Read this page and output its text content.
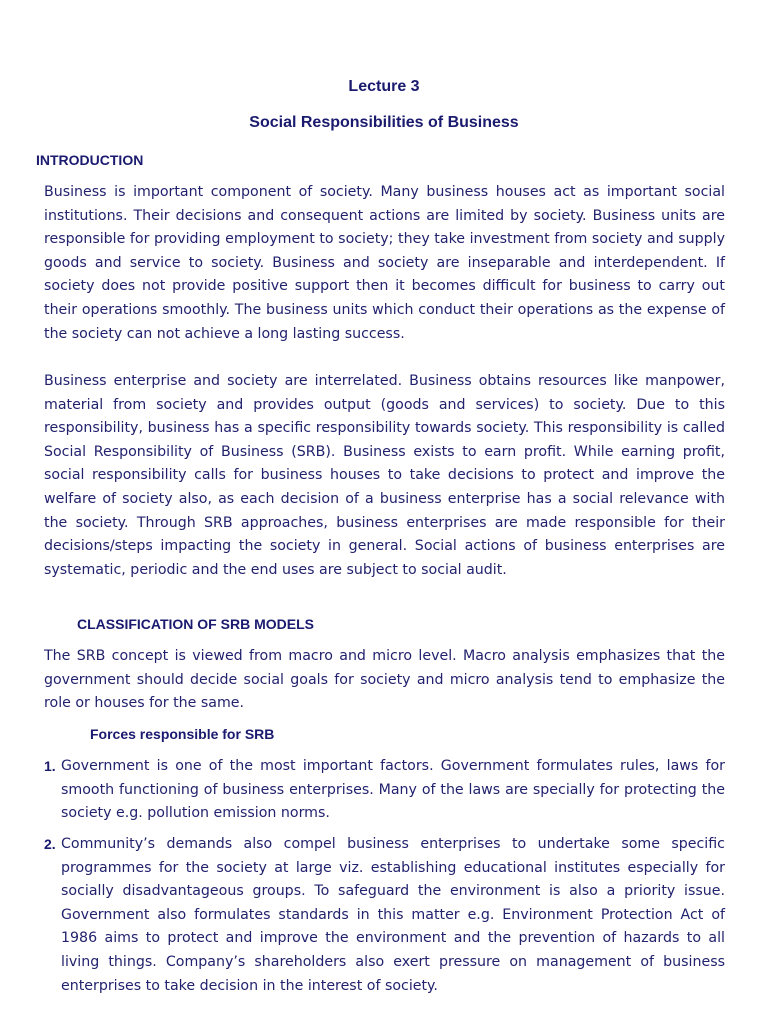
Lecture 3
Social Responsibilities of Business
INTRODUCTION

Business is important component of society. Many business houses act as important social institutions. Their decisions and consequent actions are limited by society. Business units are responsible for providing employment to society; they take investment from society and supply goods and service to society. Business and society are inseparable and interdependent. If society does not provide positive support then it becomes difficult for business to carry out their operations smoothly. The business units which conduct their operations as the expense of the society can not achieve a long lasting success.

Business enterprise and society are interrelated. Business obtains resources like manpower, material from society and provides output (goods and services) to society. Due to this responsibility, business has a specific responsibility towards society. This responsibility is called Social Responsibility of Business (SRB). Business exists to earn profit. While earning profit, social responsibility calls for business houses to take decisions to protect and improve the welfare of society also, as each decision of a business enterprise has a social relevance with the society. Through SRB approaches, business enterprises are made responsible for their decisions/steps impacting the society in general. Social actions of business enterprises are systematic, periodic and the end uses are subject to social audit.

CLASSIFICATION OF SRB MODELS

The SRB concept is viewed from macro and micro level. Macro analysis emphasizes that the government should decide social goals for society and micro analysis tend to emphasize the role or houses for the same.

Forces responsible for SRB
1. Government is one of the most important factors. Government formulates rules, laws for smooth functioning of business enterprises. Many of the laws are specially for protecting the society e.g. pollution emission norms.

2. Community’s demands also compel business enterprises to undertake some specific programmes for the society at large viz. establishing educational institutes especially for socially disadvantageous groups. To safeguard the environment is also a priority issue. Government also formulates standards in this matter e.g. Environment Protection Act of 1986 aims to protect and improve the environment and the prevention of hazards to all living things. Company’s shareholders also exert pressure on management of business enterprises to take decision in the interest of society.
